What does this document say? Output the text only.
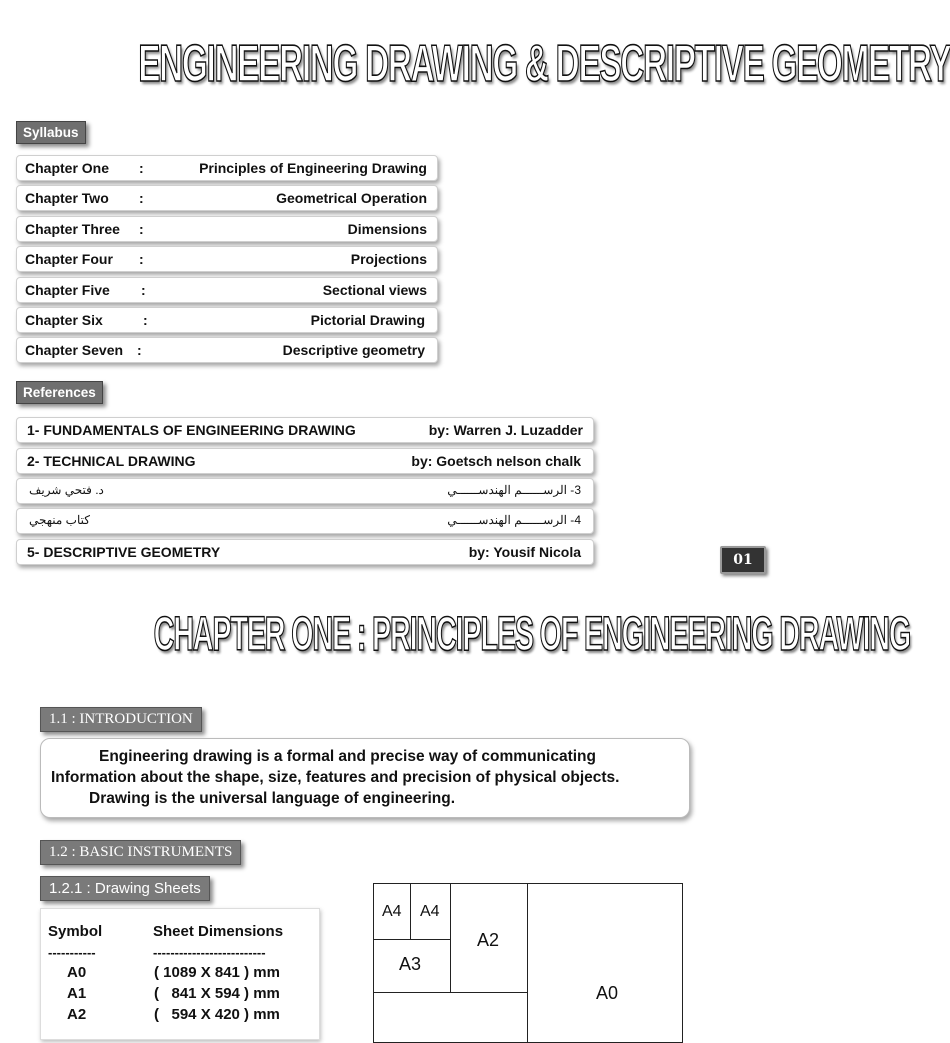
ENGINEERING DRAWING & DESCRIPTIVE GEOMETRY
Syllabus
Chapter One :	Principles of Engineering Drawing
Chapter Two :	Geometrical Operation
Chapter Three :	Dimensions
Chapter Four :	Projections
Chapter Five :	Sectional views
Chapter Six	:	Pictorial Drawing
Chapter Seven :	Descriptive geometry
References
1- FUNDAMENTALS OF ENGINEERING DRAWING	by: Warren J. Luzadder
2- TECHNICAL DRAWING	by: Goetsch nelson chalk
د. فتحي شريف	3- الرســــــم الهندســــــي
كتاب منهجي	4- الرســــــم الهندســــــي
5- DESCRIPTIVE GEOMETRY	by: Yousif Nicola	01
CHAPTER ONE : PRINCIPLES OF ENGINEERING DRAWING
1.1 : INTRODUCTION
Engineering drawing is a formal and precise way of communicating
Information about the shape, size, features and precision of physical objects.
Drawing is the universal language of engineering.
1.2 : BASIC INSTRUMENTS
1.2.1 : Drawing Sheets
Symbol	Sheet Dimensions
-----------	--------------------------
A0	( 1089 X 841 ) mm
A1	(   841 X 594 ) mm
A2	(   594 X 420 ) mm
A4 A4
A2
A3
A0
